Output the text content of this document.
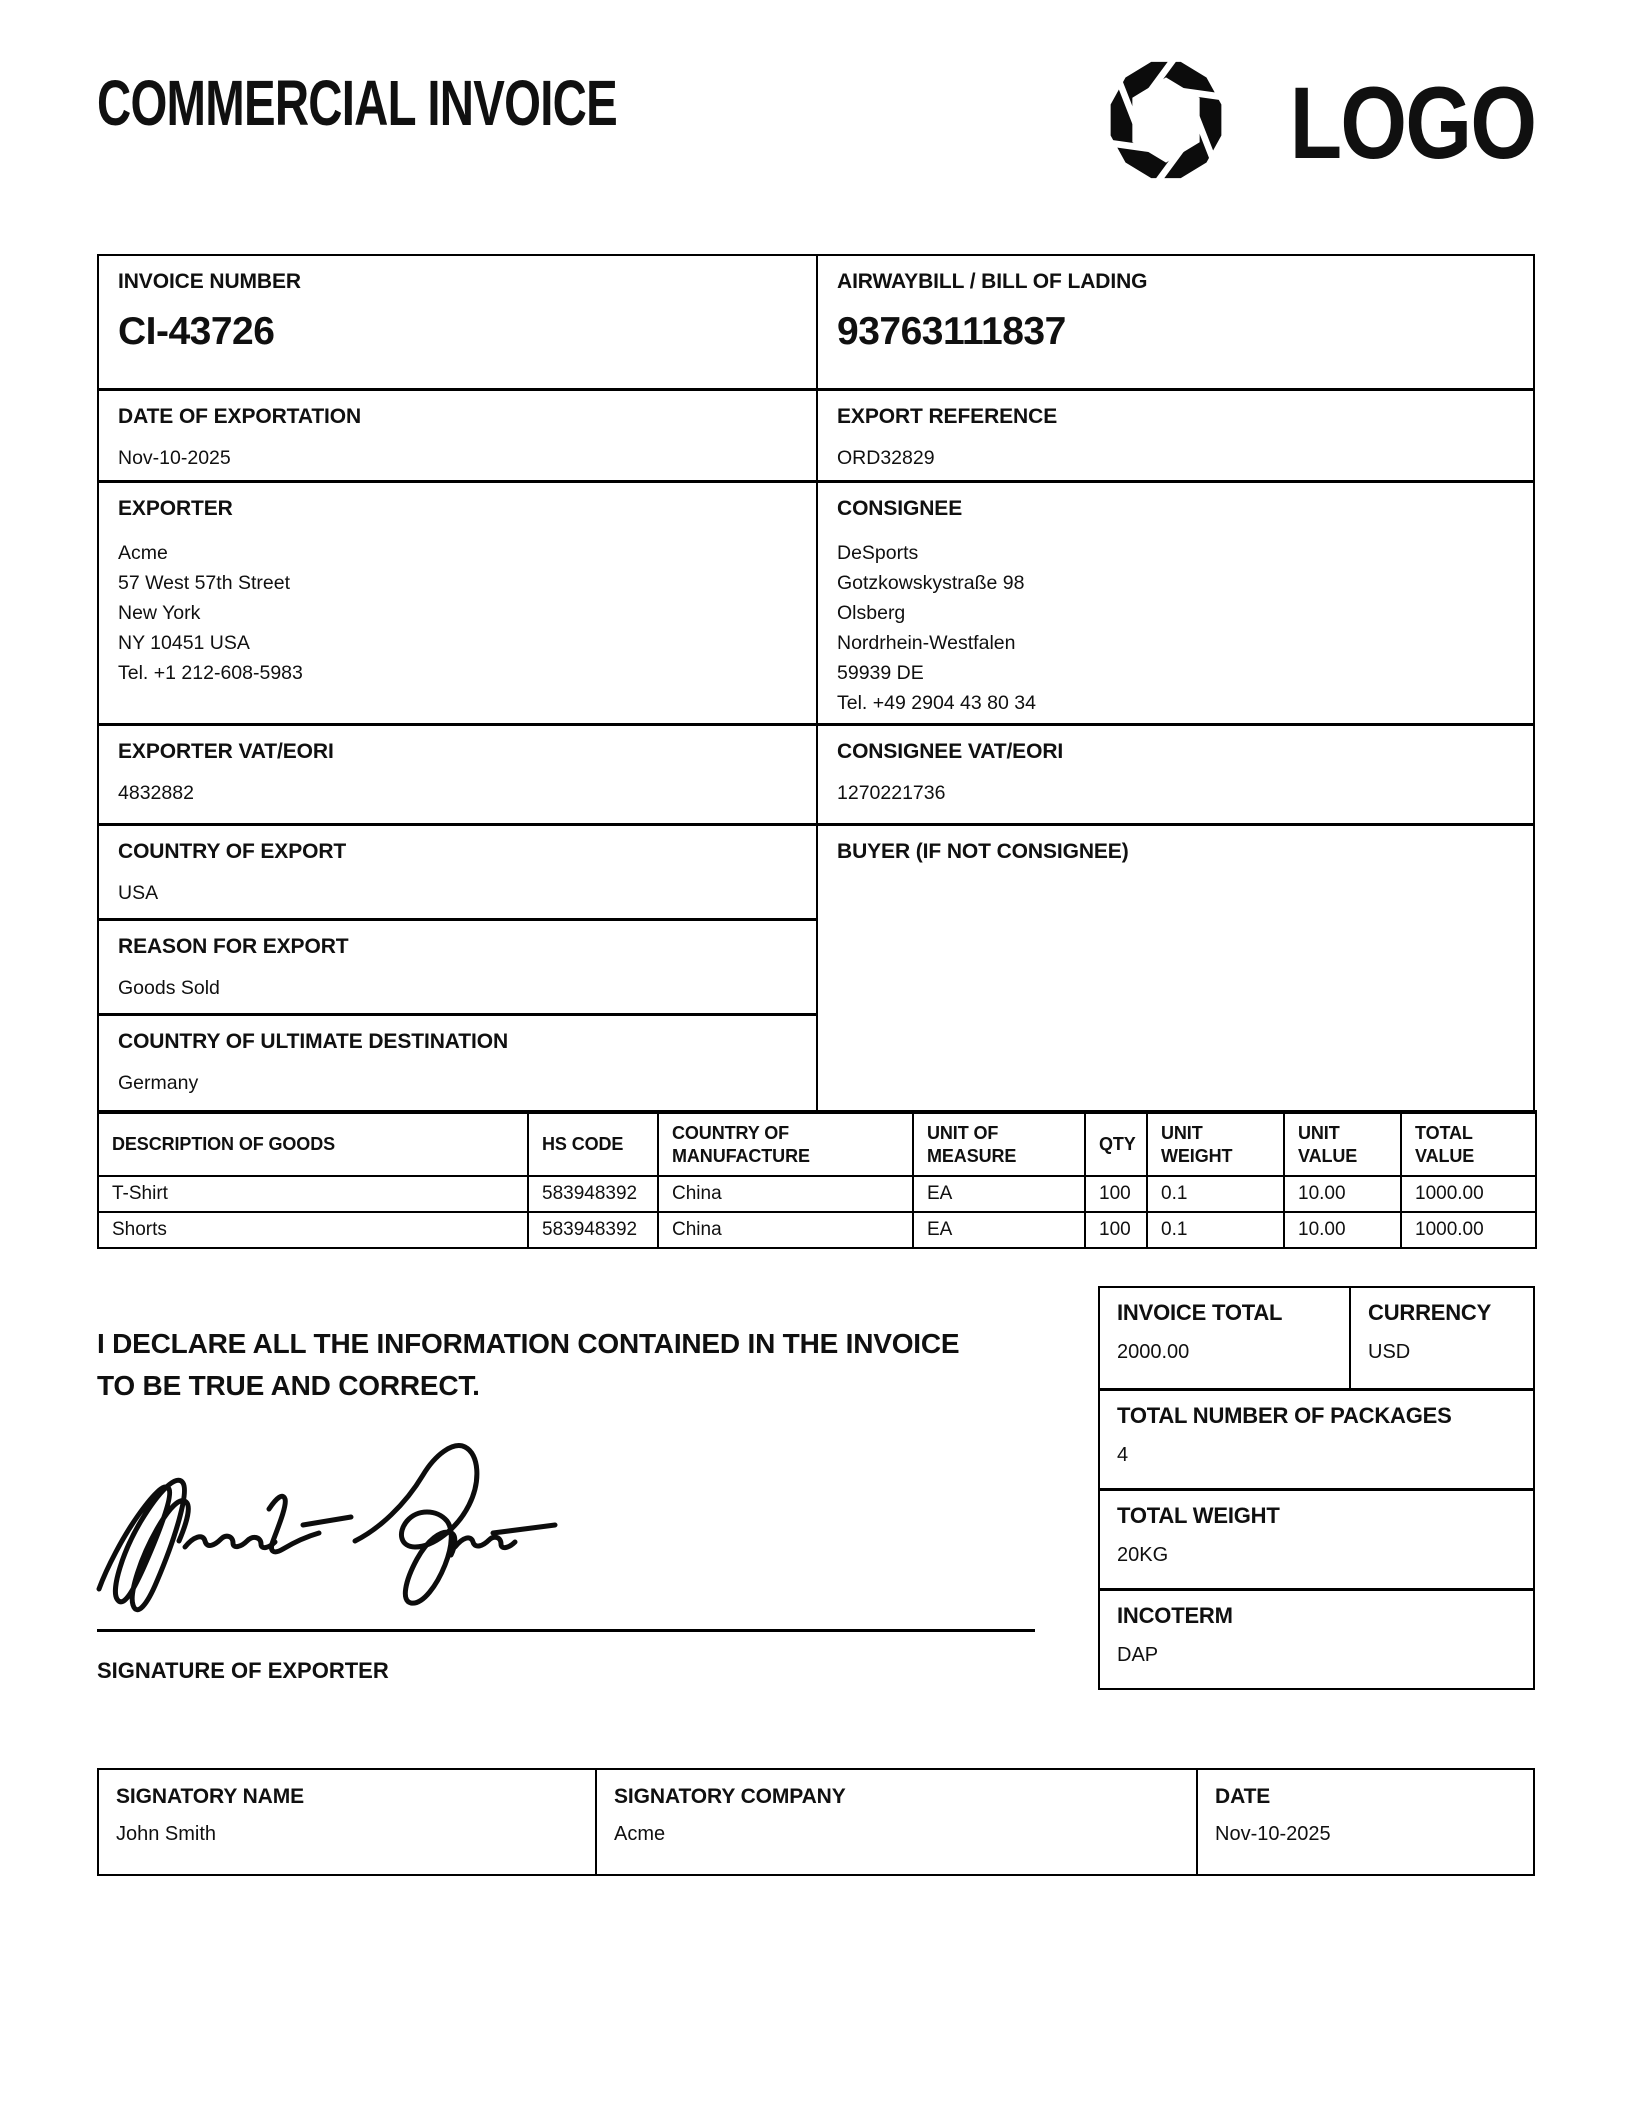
COMMERCIAL INVOICE	LOGO
INVOICE NUMBER
CI-43726
AIRWAYBILL / BILL OF LADING
93763111837
DATE OF EXPORTATION
Nov-10-2025
EXPORT REFERENCE
ORD32829
EXPORTER
Acme
57 West 57th Street
New York
NY 10451 USA
Tel. +1 212-608-5983
CONSIGNEE
DeSports
Gotzkowskystraße 98
Olsberg
Nordrhein-Westfalen
59939 DE
Tel. +49 2904 43 80 34
EXPORTER VAT/EORI
4832882
CONSIGNEE VAT/EORI
1270221736
COUNTRY OF EXPORT
USA
BUYER (IF NOT CONSIGNEE)
REASON FOR EXPORT
Goods Sold
COUNTRY OF ULTIMATE DESTINATION
Germany
DESCRIPTION OF GOODS	HS CODE	COUNTRY OF MANUFACTURE	UNIT OF MEASURE	QTY	UNIT WEIGHT	UNIT VALUE	TOTAL VALUE
T-Shirt	583948392	China	EA	100	0.1	10.00	1000.00
Shorts	583948392	China	EA	100	0.1	10.00	1000.00
I DECLARE ALL THE INFORMATION CONTAINED IN THE INVOICE TO BE TRUE AND CORRECT.
SIGNATURE OF EXPORTER
INVOICE TOTAL
2000.00
CURRENCY
USD
TOTAL NUMBER OF PACKAGES
4
TOTAL WEIGHT
20KG
INCOTERM
DAP
SIGNATORY NAME
John Smith
SIGNATORY COMPANY
Acme
DATE
Nov-10-2025
